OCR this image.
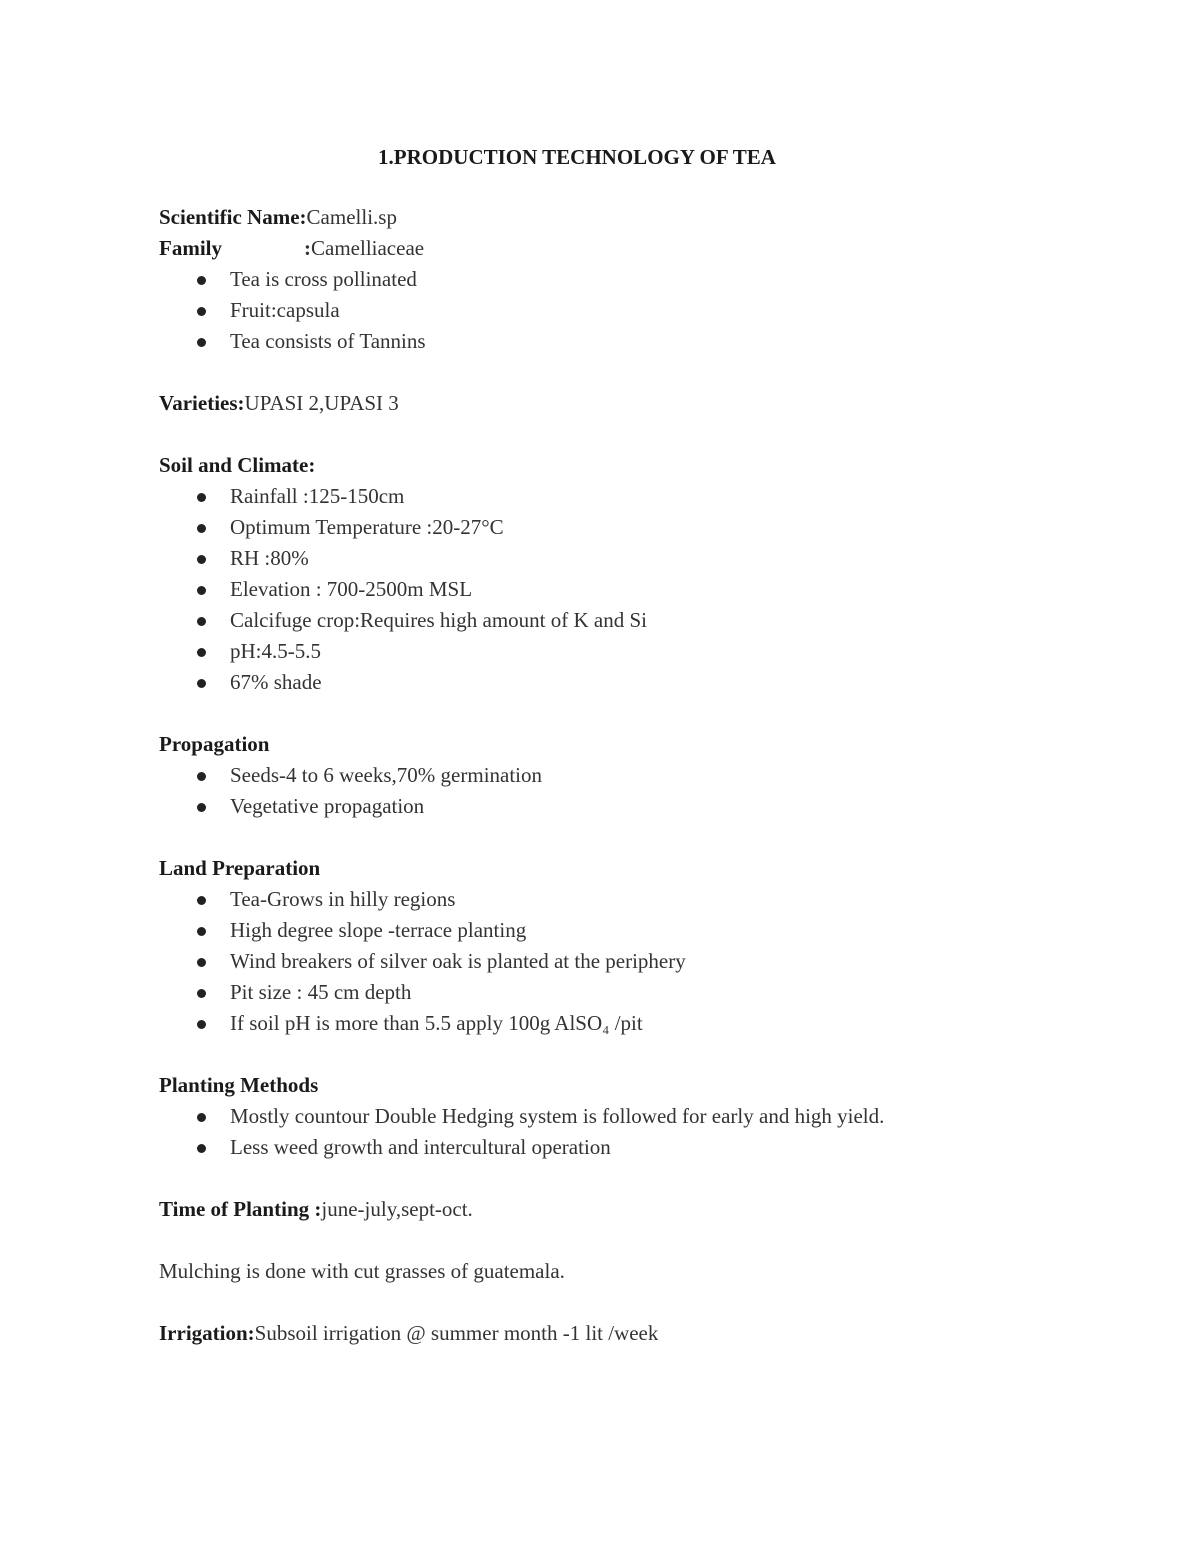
1.PRODUCTION TECHNOLOGY OF TEA
Scientific Name:Camelli.sp
Family	:Camelliaceae
Tea is cross pollinated
Fruit:capsula
Tea consists of Tannins
Varieties:UPASI 2,UPASI 3
Soil and Climate:
Rainfall :125-150cm
Optimum Temperature :20-27°C
RH :80%
Elevation : 700-2500m MSL
Calcifuge crop:Requires high amount of K and Si
pH:4.5-5.5
67% shade
Propagation
Seeds-4 to 6 weeks,70% germination
Vegetative propagation
Land Preparation
Tea-Grows in hilly regions
High degree slope -terrace planting
Wind breakers of silver oak is planted at the periphery
Pit size : 45 cm depth
If soil pH is more than 5.5 apply 100g AlSO₄ /pit
Planting Methods
Mostly countour Double Hedging system is followed for early and high yield.
Less weed growth and intercultural operation
Time of Planting :june-july,sept-oct.
Mulching is done with cut grasses of guatemala.
Irrigation:Subsoil irrigation @ summer month -1 lit /week
